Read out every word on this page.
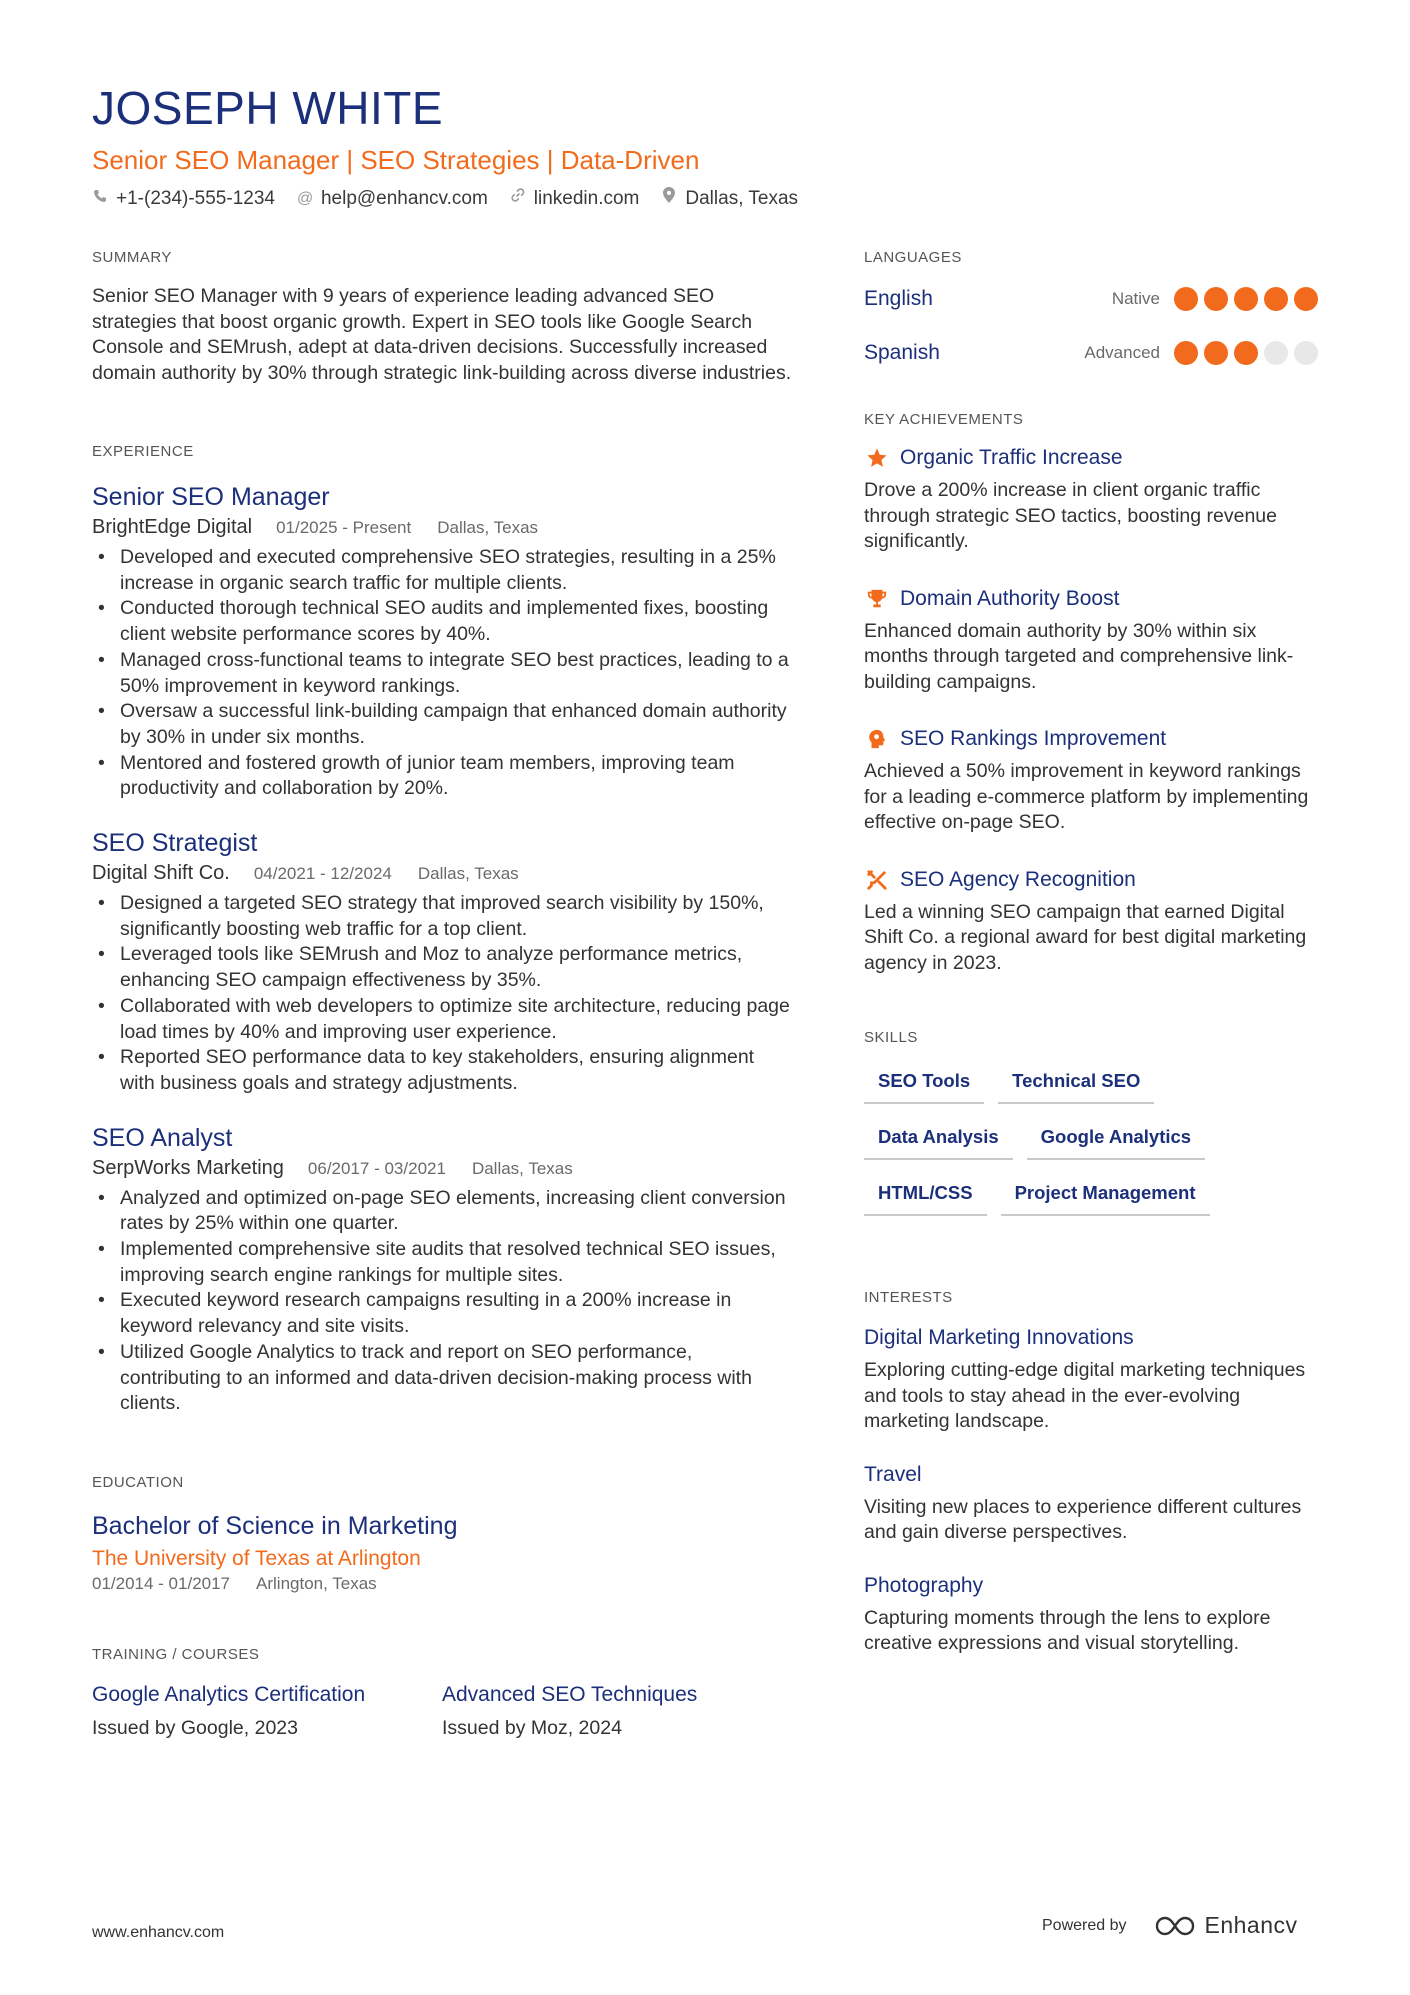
JOSEPH WHITE
Senior SEO Manager | SEO Strategies | Data-Driven
+1-(234)-555-1234 @ help@enhancv.com linkedin.com Dallas, Texas
SUMMARY

Senior SEO Manager with 9 years of experience leading advanced SEO strategies that boost organic growth. Expert in SEO tools like Google Search Console and SEMrush, adept at data-driven decisions. Successfully increased domain authority by 30% through strategic link-building across diverse industries.

EXPERIENCE
Senior SEO Manager
BrightEdge Digital 01/2025 - Present Dallas, Texas
• Developed and executed comprehensive SEO strategies, resulting in a 25% increase in organic search traffic for multiple clients.
• Conducted thorough technical SEO audits and implemented fixes, boosting client website performance scores by 40%.
• Managed cross-functional teams to integrate SEO best practices, leading to a 50% improvement in keyword rankings.
• Oversaw a successful link-building campaign that enhanced domain authority by 30% in under six months.
• Mentored and fostered growth of junior team members, improving team productivity and collaboration by 20%.
SEO Strategist
Digital Shift Co. 04/2021 - 12/2024 Dallas, Texas
• Designed a targeted SEO strategy that improved search visibility by 150%, significantly boosting web traffic for a top client.
• Leveraged tools like SEMrush and Moz to analyze performance metrics, enhancing SEO campaign effectiveness by 35%.
• Collaborated with web developers to optimize site architecture, reducing page load times by 40% and improving user experience.
• Reported SEO performance data to key stakeholders, ensuring alignment with business goals and strategy adjustments.
SEO Analyst
SerpWorks Marketing 06/2017 - 03/2021 Dallas, Texas
• Analyzed and optimized on-page SEO elements, increasing client conversion rates by 25% within one quarter.
• Implemented comprehensive site audits that resolved technical SEO issues, improving search engine rankings for multiple sites.
• Executed keyword research campaigns resulting in a 200% increase in keyword relevancy and site visits.
• Utilized Google Analytics to track and report on SEO performance, contributing to an informed and data-driven decision-making process with clients.
EDUCATION
Bachelor of Science in Marketing
The University of Texas at Arlington
01/2014 - 01/2017 Arlington, Texas
TRAINING / COURSES
Google Analytics Certification
Issued by Google, 2023
Advanced SEO Techniques
Issued by Moz, 2024
LANGUAGES
English	Native
Spanish	Advanced
KEY ACHIEVEMENTS
Organic Traffic Increase

Drove a 200% increase in client organic traffic through strategic SEO tactics, boosting revenue significantly.

Domain Authority Boost

Enhanced domain authority by 30% within six months through targeted and comprehensive link-building campaigns.

SEO Rankings Improvement

Achieved a 50% improvement in keyword rankings for a leading e-commerce platform by implementing effective on-page SEO.

SEO Agency Recognition

Led a winning SEO campaign that earned Digital Shift Co. a regional award for best digital marketing agency in 2023.

SKILLS
SEO Tools	Technical SEO
Data Analysis	Google Analytics
HTML/CSS	Project Management
INTERESTS
Digital Marketing Innovations

Exploring cutting-edge digital marketing techniques and tools to stay ahead in the ever-evolving marketing landscape.

Travel

Visiting new places to experience different cultures and gain diverse perspectives.

Photography

Capturing moments through the lens to explore creative expressions and visual storytelling.

www.enhancv.com	Powered by	Enhancv
